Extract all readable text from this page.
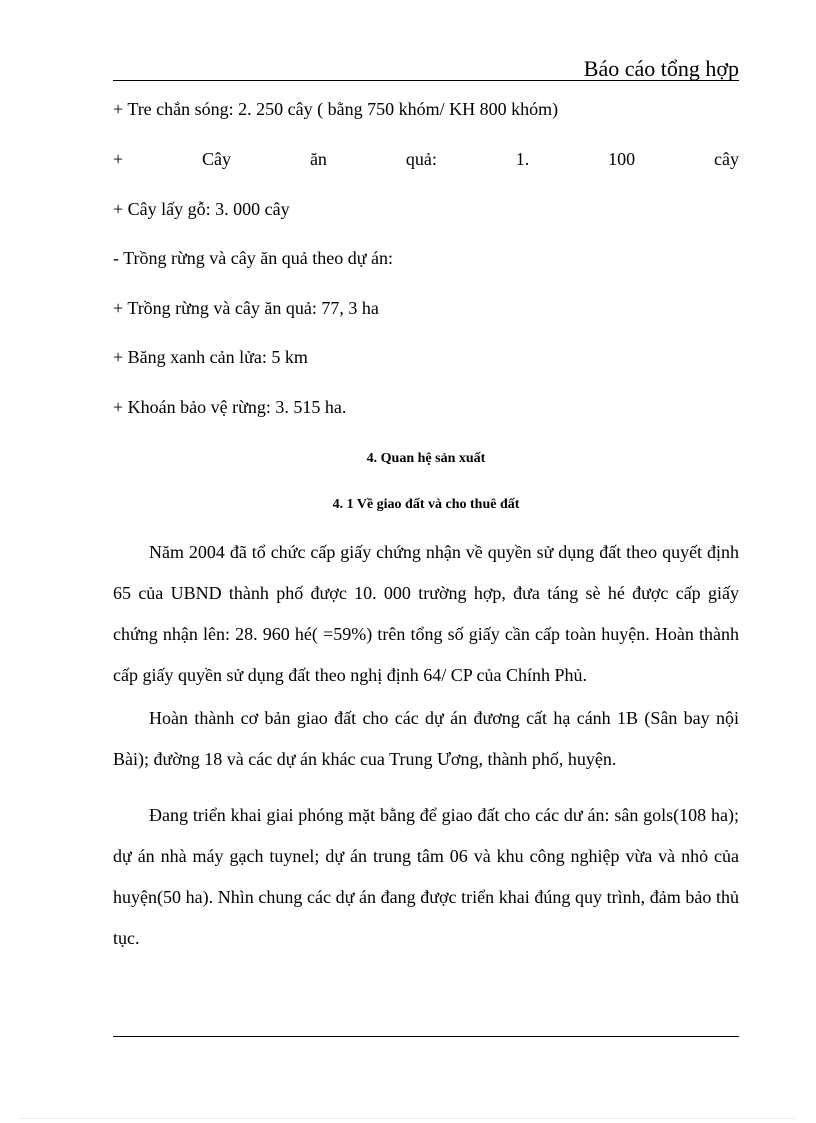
Báo cáo tổng hợp
+ Tre chắn sóng: 2. 250 cây ( bằng 750 khóm/ KH 800 khóm)
+	Cây	ăn	quả:	1.	100	cây
+ Cây lấy gỗ: 3. 000 cây
- Trồng rừng và cây ăn quả theo dự án:
+ Trồng rừng và cây ăn quả: 77, 3 ha
+ Băng xanh cản lửa: 5 km
+ Khoán bảo vệ rừng: 3. 515 ha.
4. Quan hệ sản xuất
4. 1 Về giao đất và cho thuê đất
Năm 2004 đã tổ chức cấp giấy chứng nhận về quyền sử dụng đất theo quyết định 65 của UBND thành phố được 10. 000 trường hợp, đưa táng sè hé được cấp giấy chứng nhận lên: 28. 960 hé( =59%) trên tổng số giấy cần cấp toàn huyện. Hoàn thành cấp giấy quyền sử dụng đất theo nghị định 64/ CP của Chính Phủ.
Hoàn thành cơ bản giao đất cho các dự án đương cất hạ cánh 1B (Sân bay nội Bài); đường 18 và các dự án khác cua Trung Ương, thành phố, huyện.
Đang triển khai giai phóng mặt bằng để giao đất cho các dư án: sân gols(108 ha); dự án nhà máy gạch tuynel; dự án trung tâm 06 và khu công nghiệp vừa và nhỏ của huyện(50 ha). Nhìn chung các dự án đang được triển khai đúng quy trình, đảm bảo thủ tục.
